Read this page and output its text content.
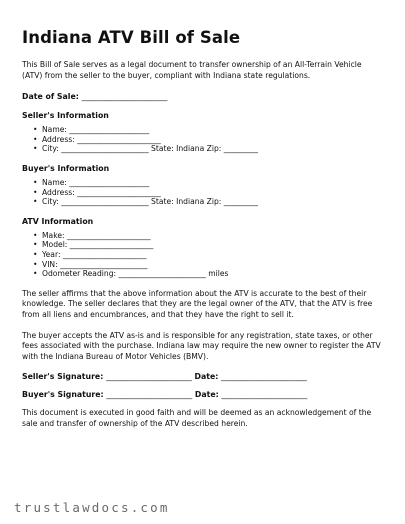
Indiana ATV Bill of Sale

This Bill of Sale serves as a legal document to transfer ownership of an All-Terrain Vehicle (ATV) from the seller to the buyer, compliant with Indiana state regulations.

Date of Sale: ______________________
Seller's Information
• Name: _____________________
• Address: ______________________
• City: _______________________ State: Indiana Zip: _________
Buyer's Information
• Name: _____________________
• Address: ______________________
• City: _______________________ State: Indiana Zip: _________
ATV Information
• Make: ______________________
• Model: ______________________
• Year: ______________________
• VIN: _______________________
• Odometer Reading: _______________________ miles

The seller affirms that the above information about the ATV is accurate to the best of their knowledge. The seller declares that they are the legal owner of the ATV, that the ATV is free from all liens and encumbrances, and that they have the right to sell it.

The buyer accepts the ATV as-is and is responsible for any registration, state taxes, or other fees associated with the purchase. Indiana law may require the new owner to register the ATV with the Indiana Bureau of Motor Vehicles (BMV).

Seller's Signature: ______________________ Date: ______________________
Buyer's Signature: ______________________ Date: ______________________

This document is executed in good faith and will be deemed as an acknowledgement of the sale and transfer of ownership of the ATV described herein.

trustlawdocs.com
